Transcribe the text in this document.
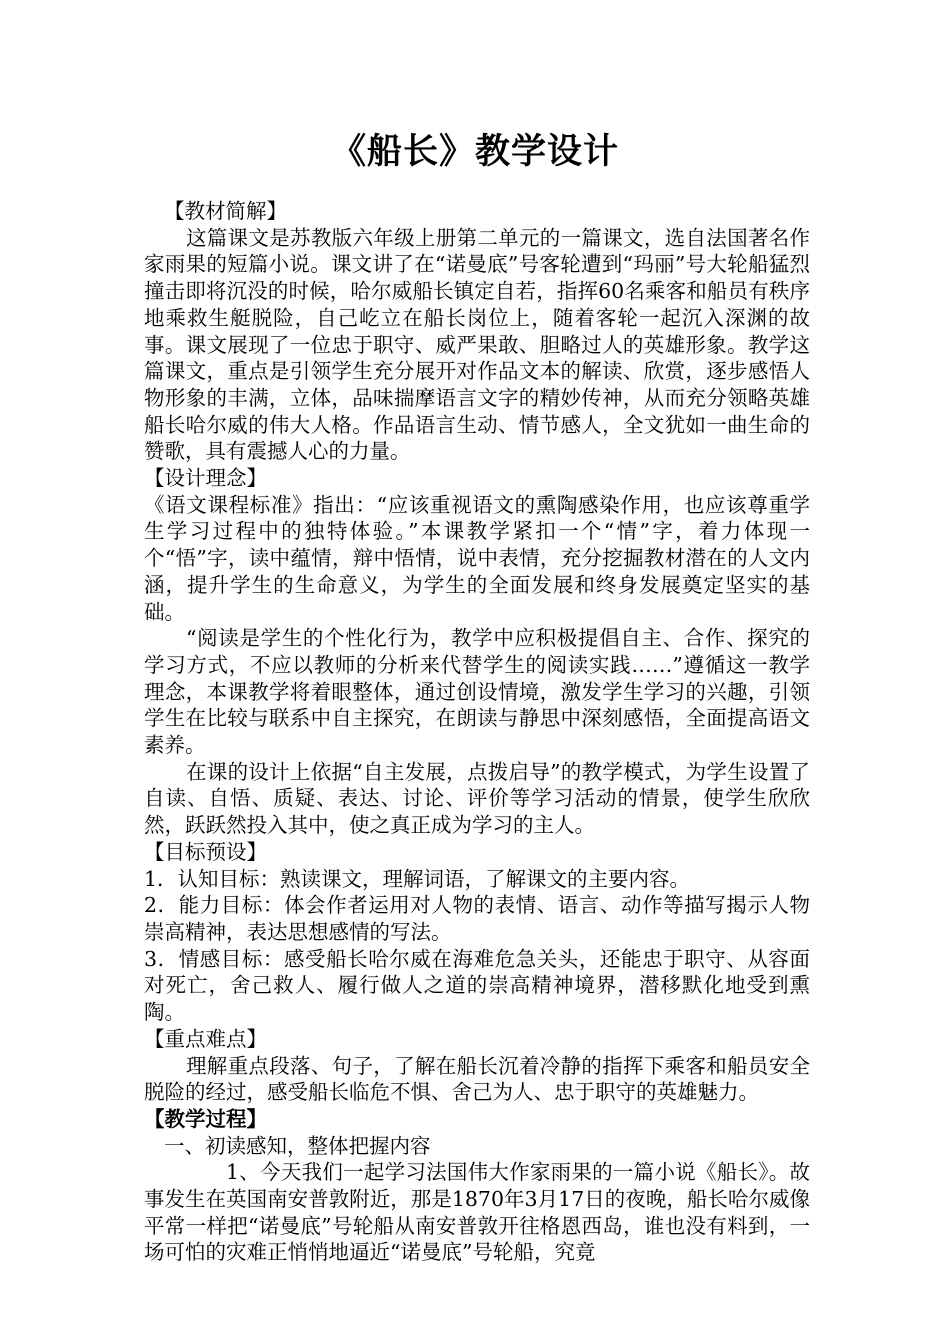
《船长》教学设计

【教材简解】

这篇课文是苏教版六年级上册第二单元的一篇课文，选自法国著名作家雨果的短篇小说。课文讲了在“诺曼底”号客轮遭到“玛丽”号大轮船猛烈撞击即将沉没的时候，哈尔威船长镇定自若，指挥60名乘客和船员有秩序地乘救生艇脱险，自己屹立在船长岗位上，随着客轮一起沉入深渊的故事。课文展现了一位忠于职守、威严果敢、胆略过人的英雄形象。教学这篇课文，重点是引领学生充分展开对作品文本的解读、欣赏，逐步感悟人物形象的丰满，立体，品味揣摩语言文字的精妙传神，从而充分领略英雄船长哈尔威的伟大人格。作品语言生动、情节感人，全文犹如一曲生命的赞歌，具有震撼人心的力量。

【设计理念】

《语文课程标准》指出：“应该重视语文的熏陶感染作用，也应该尊重学生学习过程中的独特体验。”本课教学紧扣一个“情”字，着力体现一个“悟”字，读中蕴情，辩中悟情，说中表情，充分挖掘教材潜在的人文内涵，提升学生的生命意义，为学生的全面发展和终身发展奠定坚实的基础。

“阅读是学生的个性化行为，教学中应积极提倡自主、合作、探究的学习方式，不应以教师的分析来代替学生的阅读实践……”遵循这一教学理念，本课教学将着眼整体，通过创设情境，激发学生学习的兴趣，引领学生在比较与联系中自主探究，在朗读与静思中深刻感悟，全面提高语文素养。

在课的设计上依据“自主发展，点拨启导”的教学模式，为学生设置了自读、自悟、质疑、表达、讨论、评价等学习活动的情景，使学生欣欣然，跃跃然投入其中，使之真正成为学习的主人。

【目标预设】

1．认知目标：熟读课文，理解词语，了解课文的主要内容。

2．能力目标：体会作者运用对人物的表情、语言、动作等描写揭示人物崇高精神，表达思想感情的写法。

3．情感目标：感受船长哈尔威在海难危急关头，还能忠于职守、从容面对死亡，舍己救人、履行做人之道的崇高精神境界，潜移默化地受到熏陶。

【重点难点】

理解重点段落、句子，了解在船长沉着冷静的指挥下乘客和船员安全脱险的经过，感受船长临危不惧、舍己为人、忠于职守的英雄魅力。

【教学过程】

一、初读感知，整体把握内容

1、今天我们一起学习法国伟大作家雨果的一篇小说《船长》。故事发生在英国南安普敦附近，那是1870年3月17日的夜晚，船长哈尔威像平常一样把“诺曼底”号轮船从南安普敦开往格恩西岛，谁也没有料到，一场可怕的灾难正悄悄地逼近“诺曼底”号轮船，究竟
